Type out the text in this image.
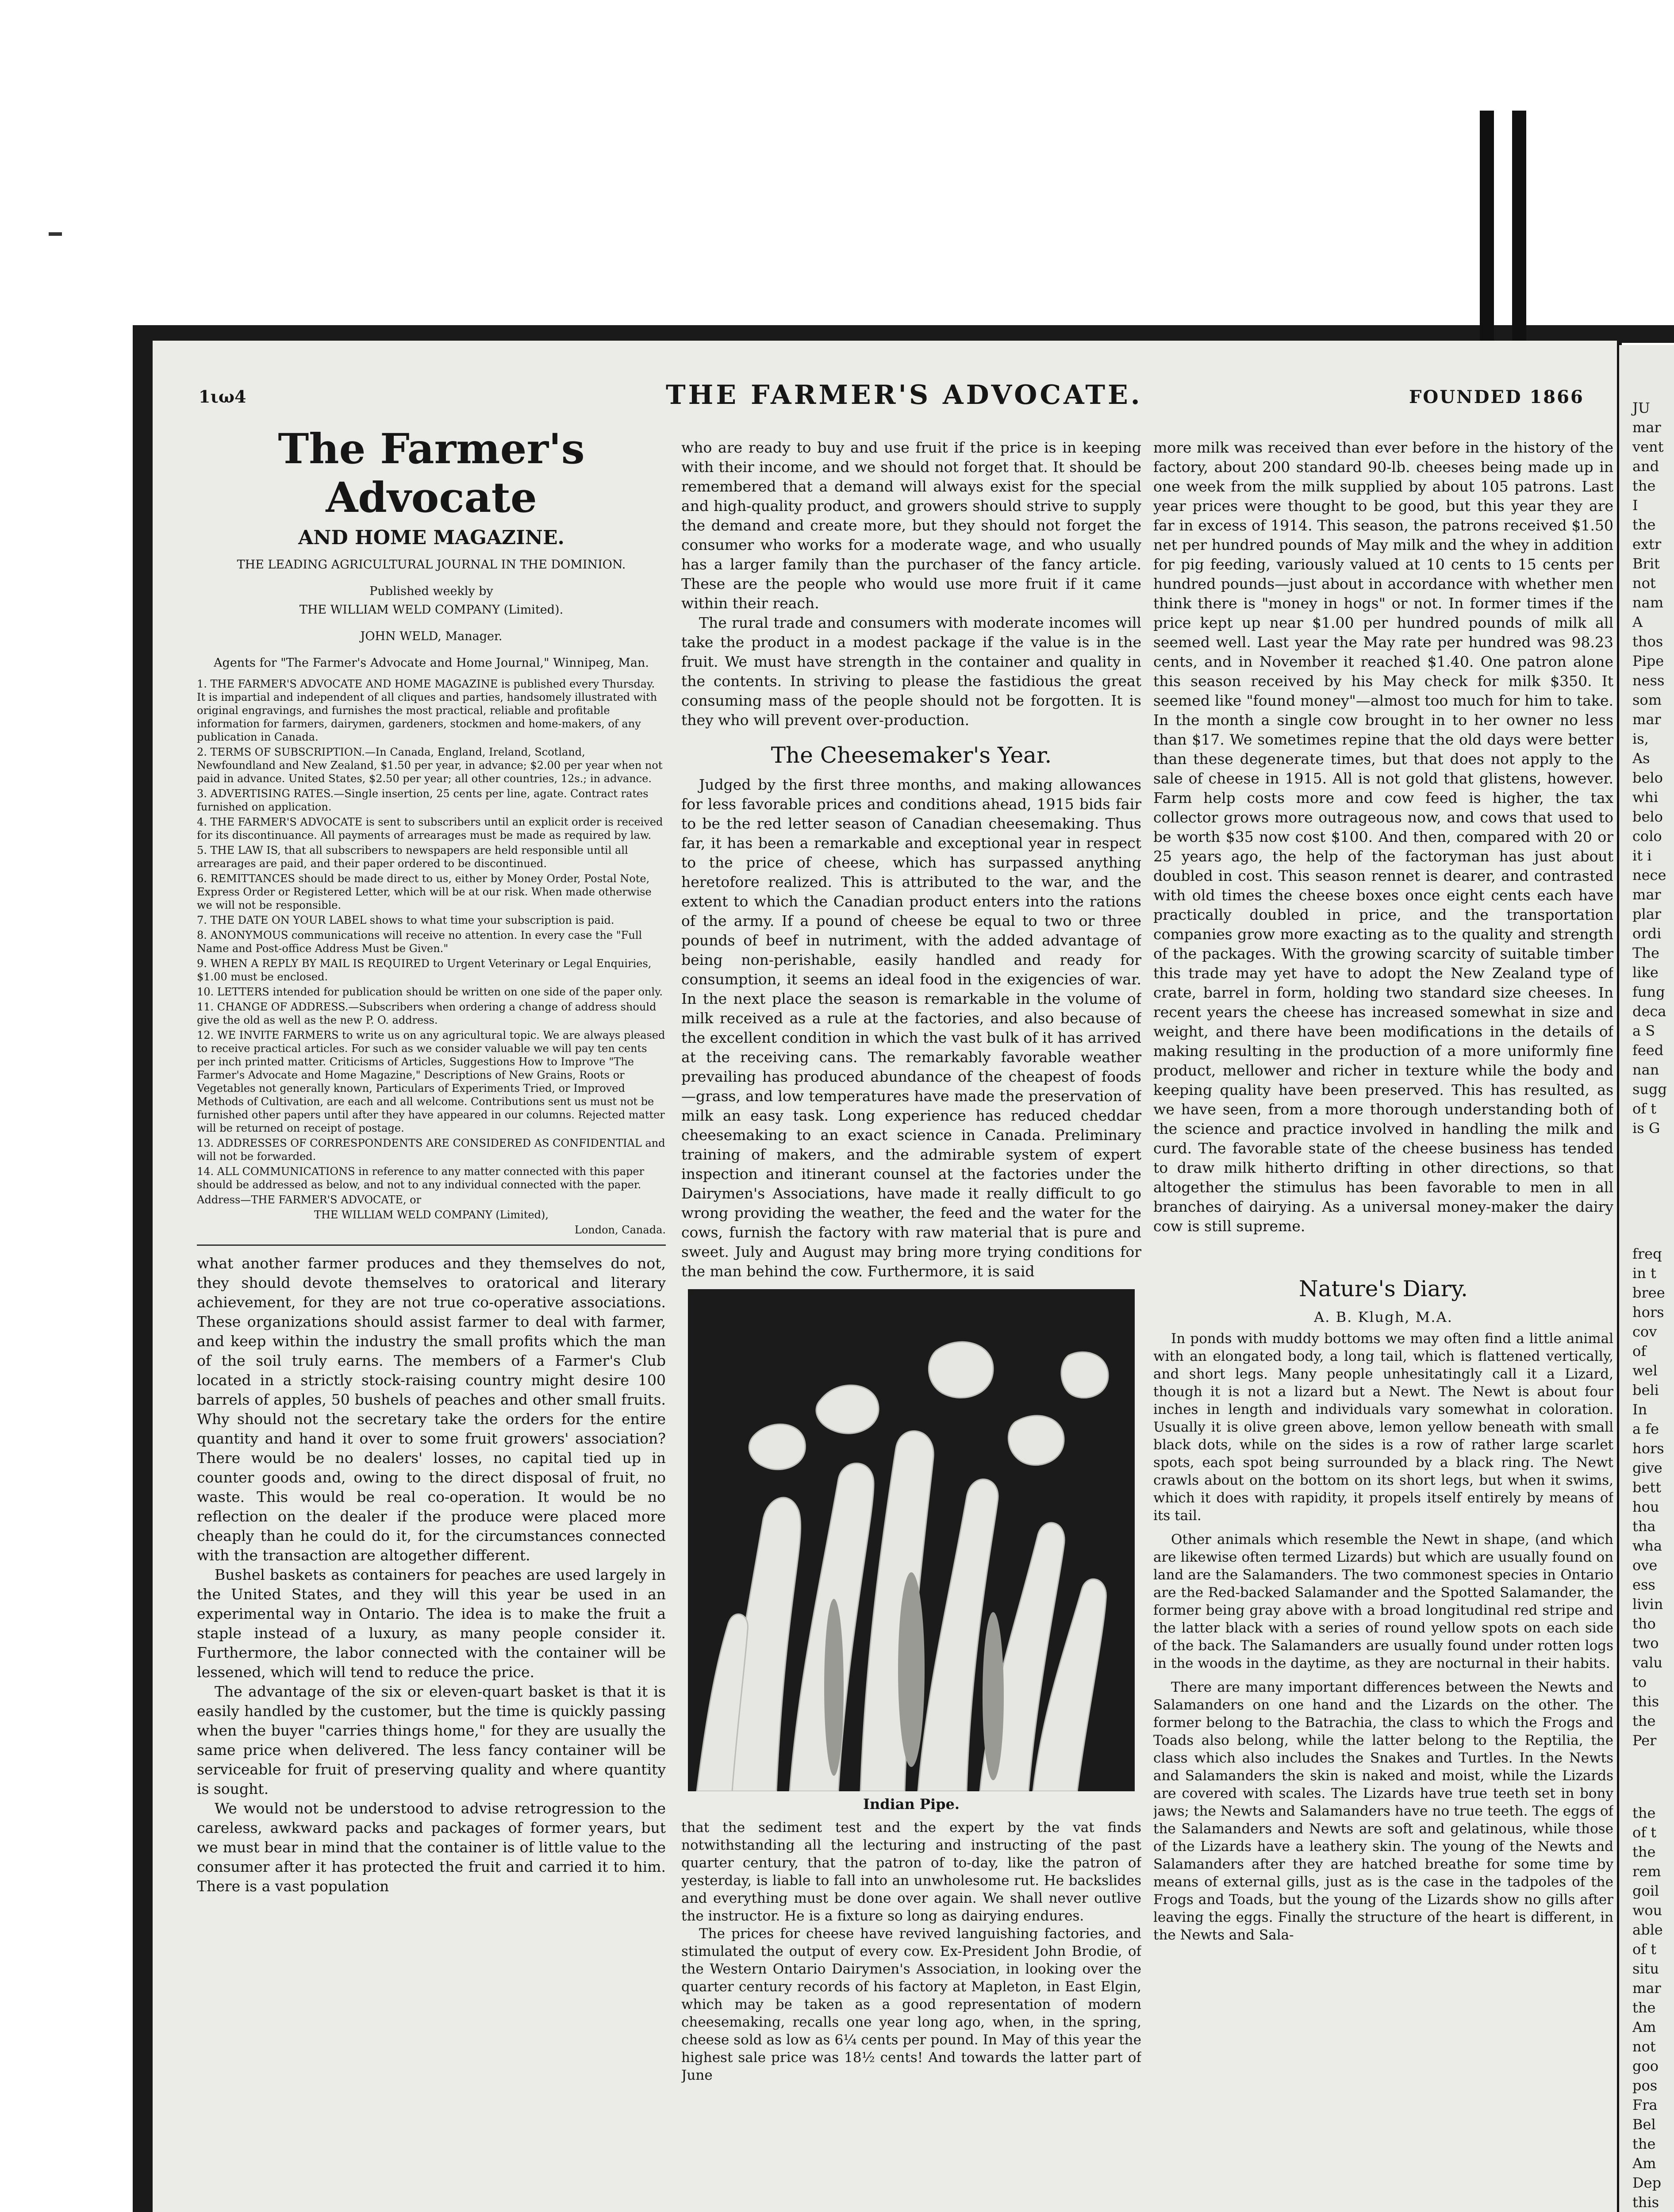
1ιω4	THE FARMER'S ADVOCATE.	FOUNDED 1866
The Farmer's Advocate
AND HOME MAGAZINE.
THE LEADING AGRICULTURAL JOURNAL IN THE DOMINION.
Published weekly by
THE WILLIAM WELD COMPANY (Limited).
JOHN WELD, Manager.
Agents for "The Farmer's Advocate and Home Journal," Winnipeg, Man.

1. THE FARMER'S ADVOCATE AND HOME MAGAZINE is published every Thursday. It is impartial and independent of all cliques and parties, handsomely illustrated with original engravings, and furnishes the most practical, reliable and profitable information for farmers, dairymen, gardeners, stockmen and home-makers, of any publication in Canada.

2. TERMS OF SUBSCRIPTION.—In Canada, England, Ireland, Scotland, Newfoundland and New Zealand, $1.50 per year, in advance; $2.00 per year when not paid in advance. United States, $2.50 per year; all other countries, 12s.; in advance.

3. ADVERTISING RATES.—Single insertion, 25 cents per line, agate. Contract rates furnished on application.

4. THE FARMER'S ADVOCATE is sent to subscribers until an explicit order is received for its discontinuance. All payments of arrearages must be made as required by law.

5. THE LAW IS, that all subscribers to newspapers are held responsible until all arrearages are paid, and their paper ordered to be discontinued.

6. REMITTANCES should be made direct to us, either by Money Order, Postal Note, Express Order or Registered Letter, which will be at our risk. When made otherwise we will not be responsible.

7. THE DATE ON YOUR LABEL shows to what time your subscription is paid.

8. ANONYMOUS communications will receive no attention. In every case the "Full Name and Post-office Address Must be Given."

9. WHEN A REPLY BY MAIL IS REQUIRED to Urgent Veterinary or Legal Enquiries, $1.00 must be enclosed.

10. LETTERS intended for publication should be written on one side of the paper only.

11. CHANGE OF ADDRESS.—Subscribers when ordering a change of address should give the old as well as the new P. O. address.

12. WE INVITE FARMERS to write us on any agricultural topic. We are always pleased to receive practical articles. For such as we consider valuable we will pay ten cents per inch printed matter. Criticisms of Articles, Suggestions How to Improve "The Farmer's Advocate and Home Magazine," Descriptions of New Grains, Roots or Vegetables not generally known, Particulars of Experiments Tried, or Improved Methods of Cultivation, are each and all welcome. Contributions sent us must not be furnished other papers until after they have appeared in our columns. Rejected matter will be returned on receipt of postage.

13. ADDRESSES OF CORRESPONDENTS ARE CONSIDERED AS CONFIDENTIAL and will not be forwarded.

14. ALL COMMUNICATIONS in reference to any matter connected with this paper should be addressed as below, and not to any individual connected with the paper.

Address—THE FARMER'S ADVOCATE, or

THE WILLIAM WELD COMPANY (Limited),

London, Canada.

what another farmer produces and they themselves do not, they should devote themselves to oratorical and literary achievement, for they are not true co-operative associations. These organizations should assist farmer to deal with farmer, and keep within the industry the small profits which the man of the soil truly earns. The members of a Farmer's Club located in a strictly stock-raising country might desire 100 barrels of apples, 50 bushels of peaches and other small fruits. Why should not the secretary take the orders for the entire quantity and hand it over to some fruit growers' association? There would be no dealers' losses, no capital tied up in counter goods and, owing to the direct disposal of fruit, no waste. This would be real co-operation. It would be no reflection on the dealer if the produce were placed more cheaply than he could do it, for the circumstances connected with the transaction are altogether different.

Bushel baskets as containers for peaches are used largely in the United States, and they will this year be used in an experimental way in Ontario. The idea is to make the fruit a staple instead of a luxury, as many people consider it. Furthermore, the labor connected with the container will be lessened, which will tend to reduce the price.

The advantage of the six or eleven-quart basket is that it is easily handled by the customer, but the time is quickly passing when the buyer "carries things home," for they are usually the same price when delivered. The less fancy container will be serviceable for fruit of preserving quality and where quantity is sought.

We would not be understood to advise retrogression to the careless, awkward packs and packages of former years, but we must bear in mind that the container is of little value to the consumer after it has protected the fruit and carried it to him. There is a vast population

who are ready to buy and use fruit if the price is in keeping with their income, and we should not forget that. It should be remembered that a demand will always exist for the special and high-quality product, and growers should strive to supply the demand and create more, but they should not forget the consumer who works for a moderate wage, and who usually has a larger family than the purchaser of the fancy article. These are the people who would use more fruit if it came within their reach.

The rural trade and consumers with moderate incomes will take the product in a modest package if the value is in the fruit. We must have strength in the container and quality in the contents. In striving to please the fastidious the great consuming mass of the people should not be forgotten. It is they who will prevent over-production.

The Cheesemaker's Year.

Judged by the first three months, and making allowances for less favorable prices and conditions ahead, 1915 bids fair to be the red letter season of Canadian cheesemaking. Thus far, it has been a remarkable and exceptional year in respect to the price of cheese, which has surpassed anything heretofore realized. This is attributed to the war, and the extent to which the Canadian product enters into the rations of the army. If a pound of cheese be equal to two or three pounds of beef in nutriment, with the added advantage of being non-perishable, easily handled and ready for consumption, it seems an ideal food in the exigencies of war. In the next place the season is remarkable in the volume of milk received as a rule at the factories, and also because of the excellent condition in which the vast bulk of it has arrived at the receiving cans. The remarkably favorable weather prevailing has produced abundance of the cheapest of foods—grass, and low temperatures have made the preservation of milk an easy task. Long experience has reduced cheddar cheesemaking to an exact science in Canada. Preliminary training of makers, and the admirable system of expert inspection and itinerant counsel at the factories under the Dairymen's Associations, have made it really difficult to go wrong providing the weather, the feed and the water for the cows, furnish the factory with raw material that is pure and sweet. July and August may bring more trying conditions for the man behind the cow. Furthermore, it is said

Indian Pipe.

that the sediment test and the expert by the vat finds notwithstanding all the lecturing and instructing of the past quarter century, that the patron of to-day, like the patron of yesterday, is liable to fall into an unwholesome rut. He backslides and everything must be done over again. We shall never outlive the instructor. He is a fixture so long as dairying endures.

The prices for cheese have revived languishing factories, and stimulated the output of every cow. Ex-President John Brodie, of the Western Ontario Dairymen's Association, in looking over the quarter century records of his factory at Mapleton, in East Elgin, which may be taken as a good representation of modern cheesemaking, recalls one year long ago, when, in the spring, cheese sold as low as 6¼ cents per pound. In May of this year the highest sale price was 18½ cents! And towards the latter part of June

more milk was received than ever before in the history of the factory, about 200 standard 90-lb. cheeses being made up in one week from the milk supplied by about 105 patrons. Last year prices were thought to be good, but this year they are far in excess of 1914. This season, the patrons received $1.50 net per hundred pounds of May milk and the whey in addition for pig feeding, variously valued at 10 cents to 15 cents per hundred pounds—just about in accordance with whether men think there is "money in hogs" or not. In former times if the price kept up near $1.00 per hundred pounds of milk all seemed well. Last year the May rate per hundred was 98.23 cents, and in November it reached $1.40. One patron alone this season received by his May check for milk $350. It seemed like "found money"—almost too much for him to take. In the month a single cow brought in to her owner no less than $17. We sometimes repine that the old days were better than these degenerate times, but that does not apply to the sale of cheese in 1915. All is not gold that glistens, however. Farm help costs more and cow feed is higher, the tax collector grows more outrageous now, and cows that used to be worth $35 now cost $100. And then, compared with 20 or 25 years ago, the help of the factoryman has just about doubled in cost. This season rennet is dearer, and contrasted with old times the cheese boxes once eight cents each have practically doubled in price, and the transportation companies grow more exacting as to the quality and strength of the packages. With the growing scarcity of suitable timber this trade may yet have to adopt the New Zealand type of crate, barrel in form, holding two standard size cheeses. In recent years the cheese has increased somewhat in size and weight, and there have been modifications in the details of making resulting in the production of a more uniformly fine product, mellower and richer in texture while the body and keeping quality have been preserved. This has resulted, as we have seen, from a more thorough understanding both of the science and practice involved in handling the milk and curd. The favorable state of the cheese business has tended to draw milk hitherto drifting in other directions, so that altogether the stimulus has been favorable to men in all branches of dairying. As a universal money-maker the dairy cow is still supreme.

Nature's Diary.
A. B. Klugh, M.A.

In ponds with muddy bottoms we may often find a little animal with an elongated body, a long tail, which is flattened vertically, and short legs. Many people unhesitatingly call it a Lizard, though it is not a lizard but a Newt. The Newt is about four inches in length and individuals vary somewhat in coloration. Usually it is olive green above, lemon yellow beneath with small black dots, while on the sides is a row of rather large scarlet spots, each spot being surrounded by a black ring. The Newt crawls about on the bottom on its short legs, but when it swims, which it does with rapidity, it propels itself entirely by means of its tail.

Other animals which resemble the Newt in shape, (and which are likewise often termed Lizards) but which are usually found on land are the Salamanders. The two commonest species in Ontario are the Red-backed Salamander and the Spotted Salamander, the former being gray above with a broad longitudinal red stripe and the latter black with a series of round yellow spots on each side of the back. The Salamanders are usually found under rotten logs in the woods in the daytime, as they are nocturnal in their habits.

There are many important differences between the Newts and Salamanders on one hand and the Lizards on the other. The former belong to the Batrachia, the class to which the Frogs and Toads also belong, while the latter belong to the Reptilia, the class which also includes the Snakes and Turtles. In the Newts and Salamanders the skin is naked and moist, while the Lizards are covered with scales. The Lizards have true teeth set in bony jaws; the Newts and Salamanders have no true teeth. The eggs of the Salamanders and Newts are soft and gelatinous, while those of the Lizards have a leathery skin. The young of the Newts and Salamanders after they are hatched breathe for some time by means of external gills, just as is the case in the tadpoles of the Frogs and Toads, but the young of the Lizards show no gills after leaving the eggs. Finally the structure of the heart is different, in the Newts and Sala-

JU

mar

vent

and

the

I

the

extr

Brit

not

nam

A

thos

Pipe

ness

som

mar

is,

As

belo

whi

belo

colo

it i

nece

mar

plar

ordi

The

like

fung

deca

a S

feed

nan

sugg

of t

is G

freq

in t

bree

hors

cov

of

wel

beli

In

a fe

hors

give

bett

hou

tha

wha

ove

ess

livin

tho

two

valu

to

this

the

Per

the

of t

the

rem

goil

wou

able

of t

situ

mar

the

Am

not

goo

pos

Fra

Bel

the

Am

Dep

this
